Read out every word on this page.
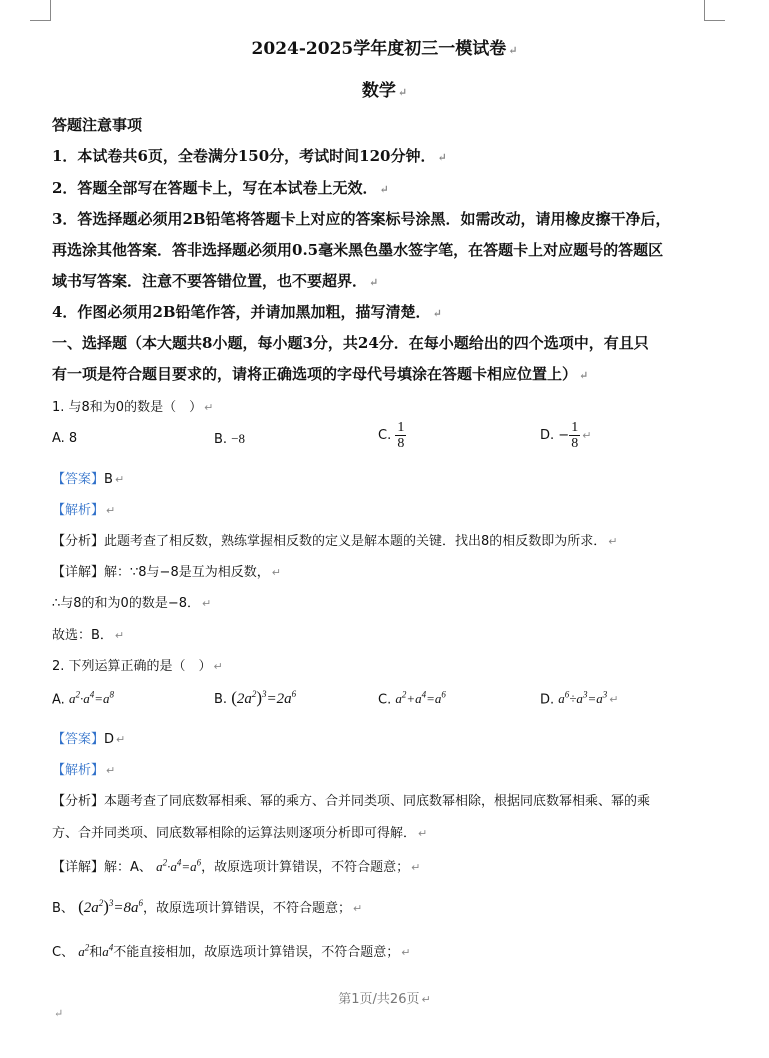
2024-2025学年度初三一模试卷 ↵
数学 ↵
答题注意事项
1．本试卷共6页，全卷满分150分，考试时间120分钟． ↵
2．答题全部写在答题卡上，写在本试卷上无效． ↵
3．答选择题必须用2B铅笔将答题卡上对应的答案标号涂黑．如需改动，请用橡皮擦干净后，
再选涂其他答案．答非选择题必须用0.5毫米黑色墨水签字笔，在答题卡上对应题号的答题区
域书写答案．注意不要答错位置，也不要超界． ↵
4．作图必须用2B铅笔作答，并请加黑加粗，描写清楚． ↵
一、选择题（本大题共8小题，每小题3分，共24分．在每小题给出的四个选项中，有且只
有一项是符合题目要求的，请将正确选项的字母代号填涂在答题卡相应位置上） ↵
1. 与8和为0的数是（　） ↵
A. 8	B. −8	C. $\frac{1}{8}$	D. − $\frac{1}{8}$ ↵
【答案】B ↵
【解析】 ↵
【分析】此题考查了相反数，熟练掌握相反数的定义是解本题的关键．找出8的相反数即为所求． ↵
【详解】解：∵8与−8是互为相反数， ↵
∴与8的和为0的数是−8． ↵
故选：B． ↵
2. 下列运算正确的是（　） ↵
A. $a^2\cdot a^4=a^8$	B. $(2a^2)^3=2a^6$	C. $a^2+a^4=a^6$	D. $a^6\div a^3=a^3$ ↵
【答案】D ↵
【解析】 ↵
【分析】本题考查了同底数幂相乘、幂的乘方、合并同类项、同底数幂相除，根据同底数幂相乘、幂的乘
方、合并同类项、同底数幂相除的运算法则逐项分析即可得解． ↵
【详解】解：A、 $a^2\cdot a^4=a^6$，故原选项计算错误，不符合题意； ↵
B、 $(2a^2)^3=8a^6$，故原选项计算错误，不符合题意； ↵
C、 $a^2$和$a^4$不能直接相加，故原选项计算错误，不符合题意； ↵
第1页/共26页 ↵
↵
